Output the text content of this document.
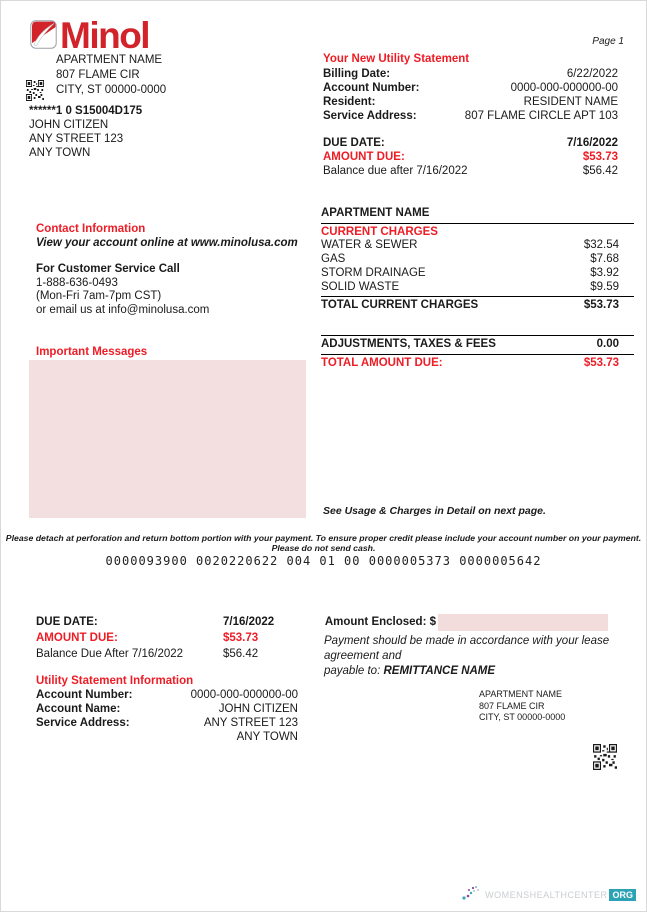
Minol
APARTMENT NAME
807 FLAME CIR
CITY, ST 00000-0000
******1 0 S15004D175
JOHN CITIZEN
ANY STREET 123
ANY TOWN
Page 1
Your New Utility Statement
Billing Date:	6/22/2022
Account Number:	0000-000-000000-00
Resident:	RESIDENT NAME
Service Address:	807 FLAME CIRCLE APT 103
DUE DATE:	7/16/2022
AMOUNT DUE:	$53.73
Balance due after 7/16/2022	$56.42
Contact Information
View your account online at www.minolusa.com
For Customer Service Call
1-888-636-0493
(Mon-Fri 7am-7pm CST)
or email us at info@minolusa.com
Important Messages
APARTMENT NAME
CURRENT CHARGES
WATER & SEWER	$32.54
GAS	$7.68
STORM DRAINAGE	$3.92
SOLID WASTE	$9.59
TOTAL CURRENT CHARGES	$53.73
ADJUSTMENTS, TAXES & FEES	0.00
TOTAL AMOUNT DUE:	$53.73
See Usage & Charges in Detail on next page.
Please detach at perforation and return bottom portion with your payment. To ensure proper credit please include your account number on your payment. Please do not send cash.
0000093900 0020220622 004 01 00 0000005373 0000005642
DUE DATE:	7/16/2022
AMOUNT DUE:	$53.73
Balance Due After 7/16/2022	$56.42
Amount Enclosed: $
Payment should be made in accordance with your lease agreement and
payable to: REMITTANCE NAME
Utility Statement Information
Account Number:	0000-000-000000-00
Account Name:	JOHN CITIZEN
Service Address:	ANY STREET 123
ANY TOWN
APARTMENT NAME
807 FLAME CIR
CITY, ST 00000-0000
WOMENSHEALTHCENTER ORG
